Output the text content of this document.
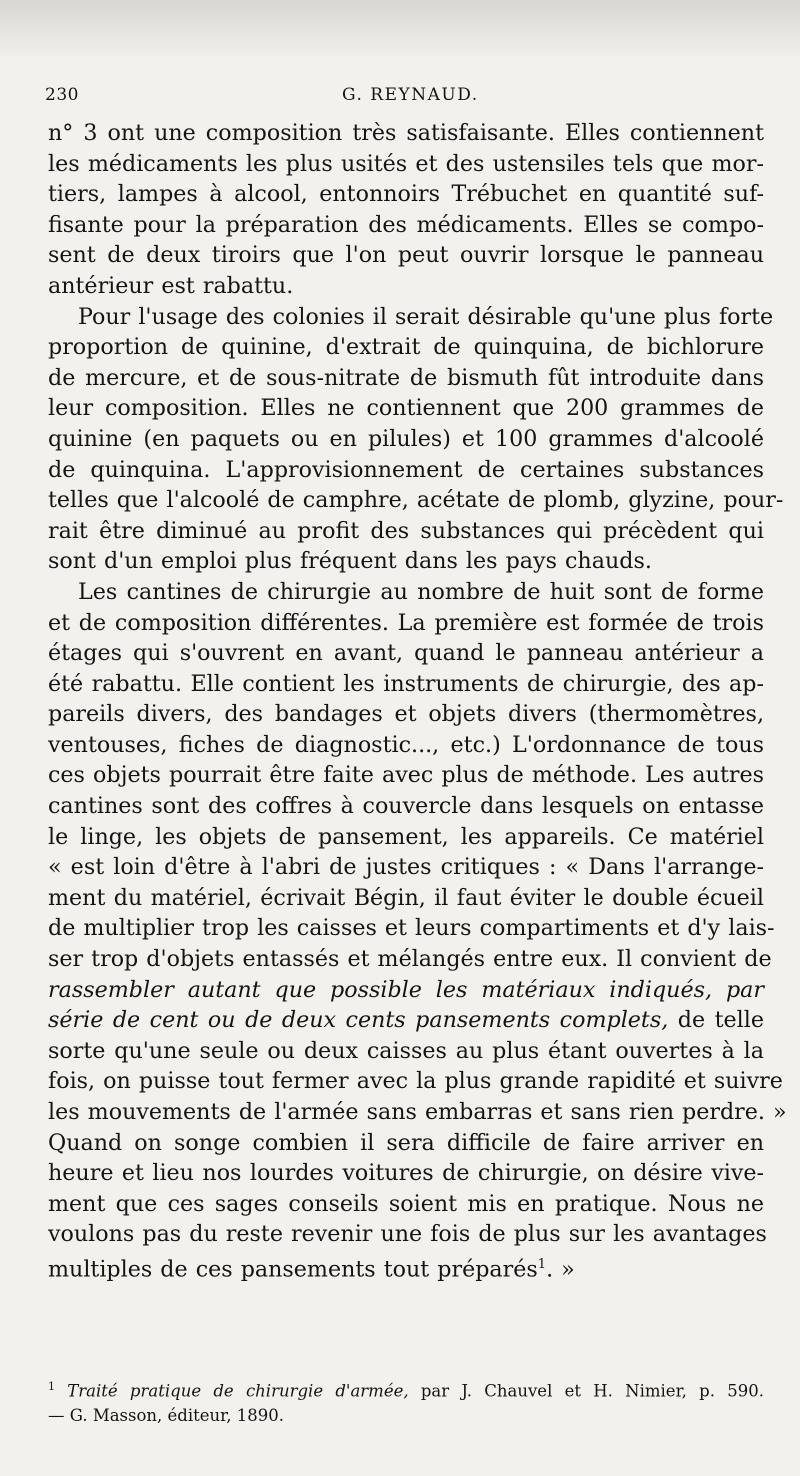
230	G. REYNAUD.
n° 3 ont une composition très satisfaisante. Elles contiennent
les médicaments les plus usités et des ustensiles tels que mor-
tiers, lampes à alcool, entonnoirs Trébuchet en quantité suf-
fisante pour la préparation des médicaments. Elles se compo-
sent de deux tiroirs que l'on peut ouvrir lorsque le panneau
antérieur est rabattu.
Pour l'usage des colonies il serait désirable qu'une plus forte
proportion de quinine, d'extrait de quinquina, de bichlorure
de mercure, et de sous-nitrate de bismuth fût introduite dans
leur composition. Elles ne contiennent que 200 grammes de
quinine (en paquets ou en pilules) et 100 grammes d'alcoolé
de quinquina. L'approvisionnement de certaines substances
telles que l'alcoolé de camphre, acétate de plomb, glyzine, pour-
rait être diminué au profit des substances qui précèdent qui
sont d'un emploi plus fréquent dans les pays chauds.
Les cantines de chirurgie au nombre de huit sont de forme
et de composition différentes. La première est formée de trois
étages qui s'ouvrent en avant, quand le panneau antérieur a
été rabattu. Elle contient les instruments de chirurgie, des ap-
pareils divers, des bandages et objets divers (thermomètres,
ventouses, fiches de diagnostic..., etc.) L'ordonnance de tous
ces objets pourrait être faite avec plus de méthode. Les autres
cantines sont des coffres à couvercle dans lesquels on entasse
le linge, les objets de pansement, les appareils. Ce matériel
« est loin d'être à l'abri de justes critiques : « Dans l'arrange-
ment du matériel, écrivait Bégin, il faut éviter le double écueil
de multiplier trop les caisses et leurs compartiments et d'y lais-
ser trop d'objets entassés et mélangés entre eux. Il convient de
rassembler autant que possible les matériaux indiqués, par
série de cent ou de deux cents pansements complets, de telle
sorte qu'une seule ou deux caisses au plus étant ouvertes à la
fois, on puisse tout fermer avec la plus grande rapidité et suivre
les mouvements de l'armée sans embarras et sans rien perdre. »
Quand on songe combien il sera difficile de faire arriver en
heure et lieu nos lourdes voitures de chirurgie, on désire vive-
ment que ces sages conseils soient mis en pratique. Nous ne
voulons pas du reste revenir une fois de plus sur les avantages
multiples de ces pansements tout préparés$^1$. »
$^1$ Traité pratique de chirurgie d'armée, par J. Chauvel et H. Nimier, p. 590.
— G. Masson, éditeur, 1890.
